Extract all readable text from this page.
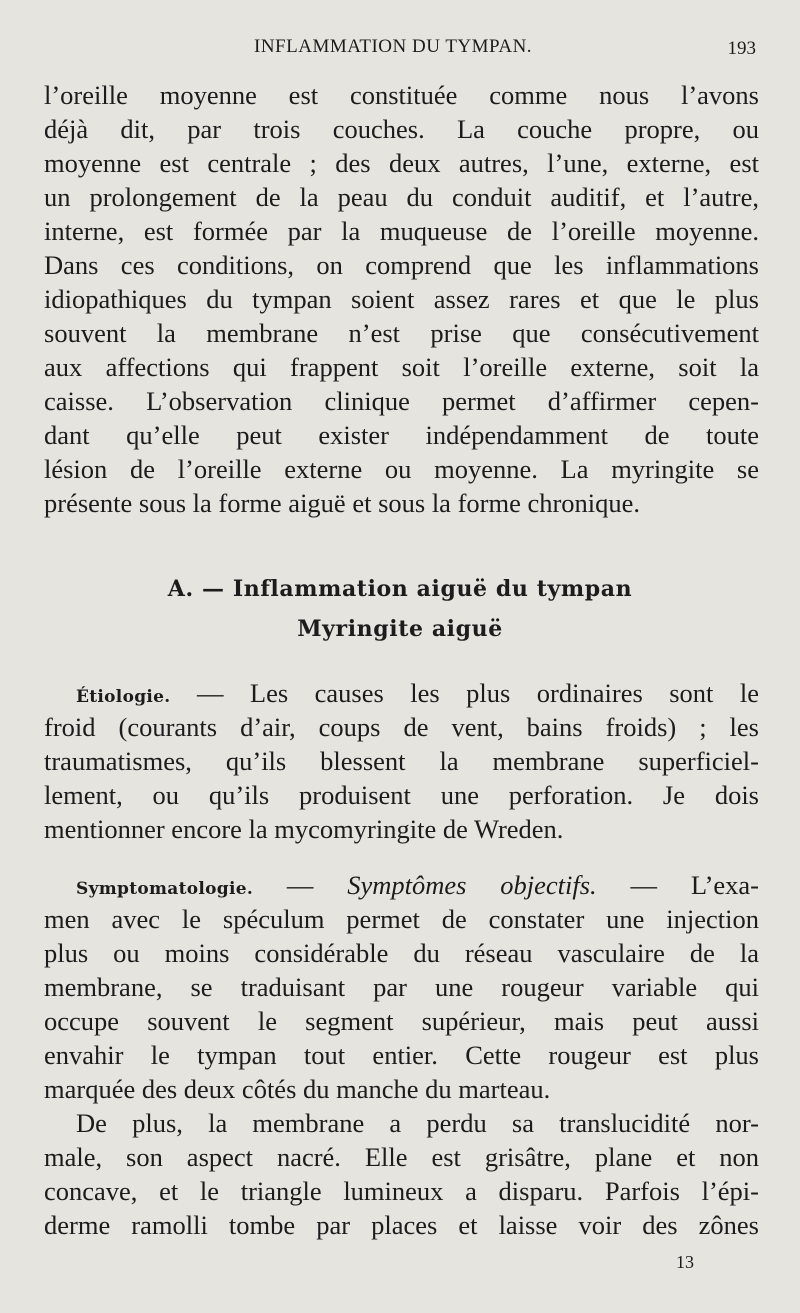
INFLAMMATION DU TYMPAN.	193
l’oreille moyenne est constituée comme nous l’avons
déjà dit, par trois couches. La couche propre, ou
moyenne est centrale ; des deux autres, l’une, externe, est
un prolongement de la peau du conduit auditif, et l’autre,
interne, est formée par la muqueuse de l’oreille moyenne.
Dans ces conditions, on comprend que les inflammations
idiopathiques du tympan soient assez rares et que le plus
souvent la membrane n’est prise que consécutivement
aux affections qui frappent soit l’oreille externe, soit la
caisse. L’observation clinique permet d’affirmer cepen-
dant qu’elle peut exister indépendamment de toute
lésion de l’oreille externe ou moyenne. La myringite se
présente sous la forme aiguë et sous la forme chronique.
A. — Inflammation aiguë du tympan
Myringite aiguë
Étiologie. — Les causes les plus ordinaires sont le
froid (courants d’air, coups de vent, bains froids) ; les
traumatismes, qu’ils blessent la membrane superficiel-
lement, ou qu’ils produisent une perforation. Je dois
mentionner encore la mycomyringite de Wreden.
Symptomatologie. — Symptômes objectifs. — L’exa-
men avec le spéculum permet de constater une injection
plus ou moins considérable du réseau vasculaire de la
membrane, se traduisant par une rougeur variable qui
occupe souvent le segment supérieur, mais peut aussi
envahir le tympan tout entier. Cette rougeur est plus
marquée des deux côtés du manche du marteau.
De plus, la membrane a perdu sa translucidité nor-
male, son aspect nacré. Elle est grisâtre, plane et non
concave, et le triangle lumineux a disparu. Parfois l’épi-
derme ramolli tombe par places et laisse voir des zônes
13
